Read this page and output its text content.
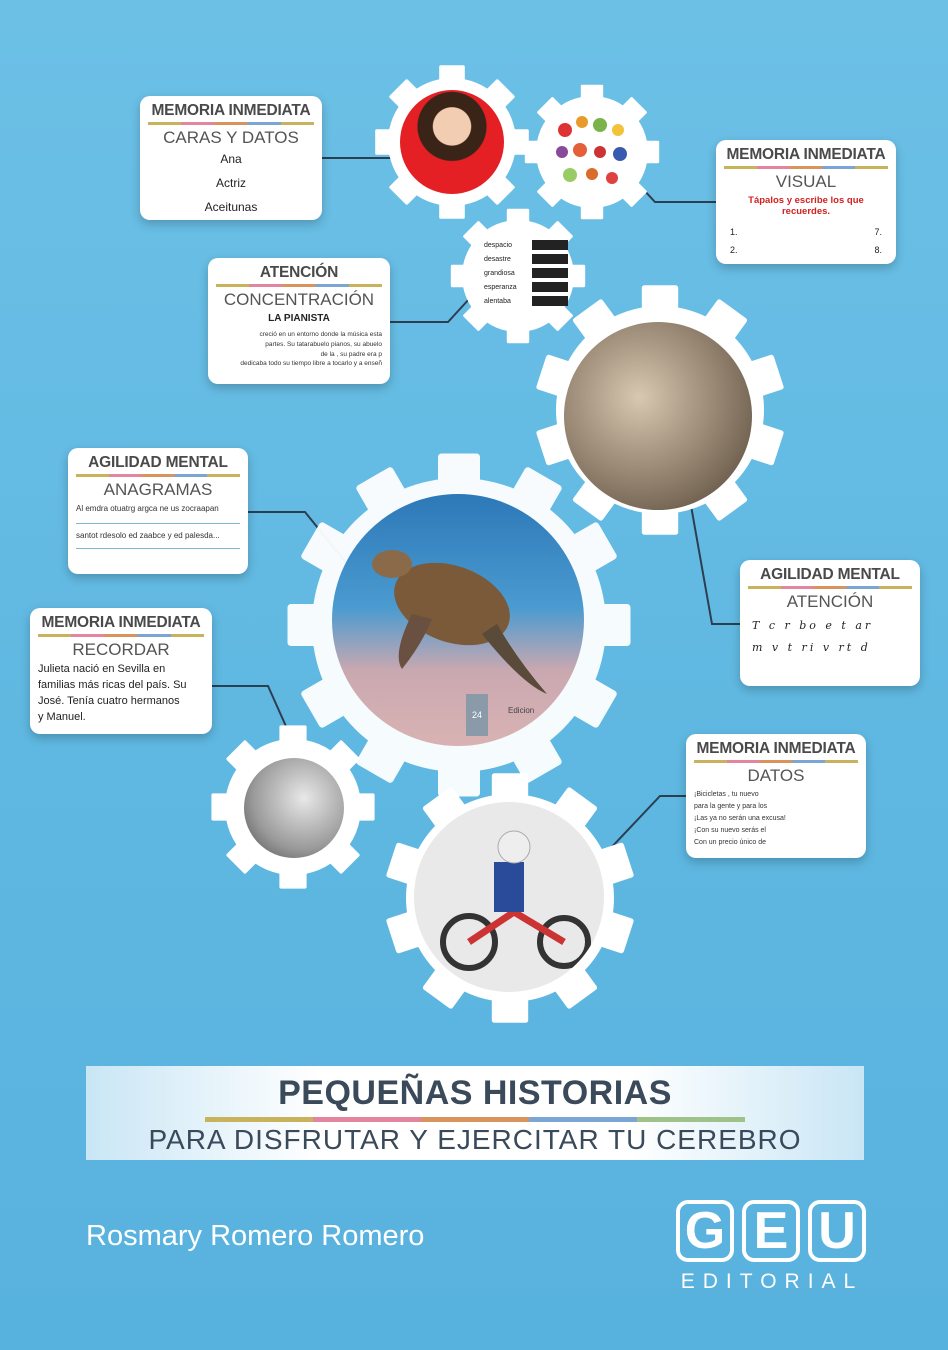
despacio
desastre
grandiosa
esperanza
alentaba
24	Edicion
MEMORIA INMEDIATA
CARAS Y DATOS
Ana
Actriz
Aceitunas
MEMORIA INMEDIATA
VISUAL
Tápalos y escribe los que recuerdes.
1.	7.
2.	8.
ATENCIÓN
CONCENTRACIÓN
LA PIANISTA
creció en un entorno donde la música esta
partes. Su tatarabuelo pianos, su abuelo
de la , su padre era p
dedicaba todo su tiempo libre a tocarlo y a enseñ
AGILIDAD MENTAL
ANAGRAMAS
Al emdra otuatrg argca ne us zocraapan
santot rdesolo ed zaabce y ed palesda...
AGILIDAD MENTAL
ATENCIÓN
T c r bo e t ar
m v t ri v rt d
MEMORIA INMEDIATA
RECORDAR
Julieta nació en Sevilla en
familias más ricas del país. Su
José. Tenía cuatro hermanos
y Manuel.
MEMORIA INMEDIATA
DATOS
¡Bicicletas , tu nuevo
para la gente y para los
¡Las ya no serán una excusa!
¡Con su nuevo serás el
Con un precio único de
PEQUEÑAS HISTORIAS
PARA DISFRUTAR Y EJERCITAR TU CEREBRO
Rosmary Romero Romero	G E U
EDITORIAL
